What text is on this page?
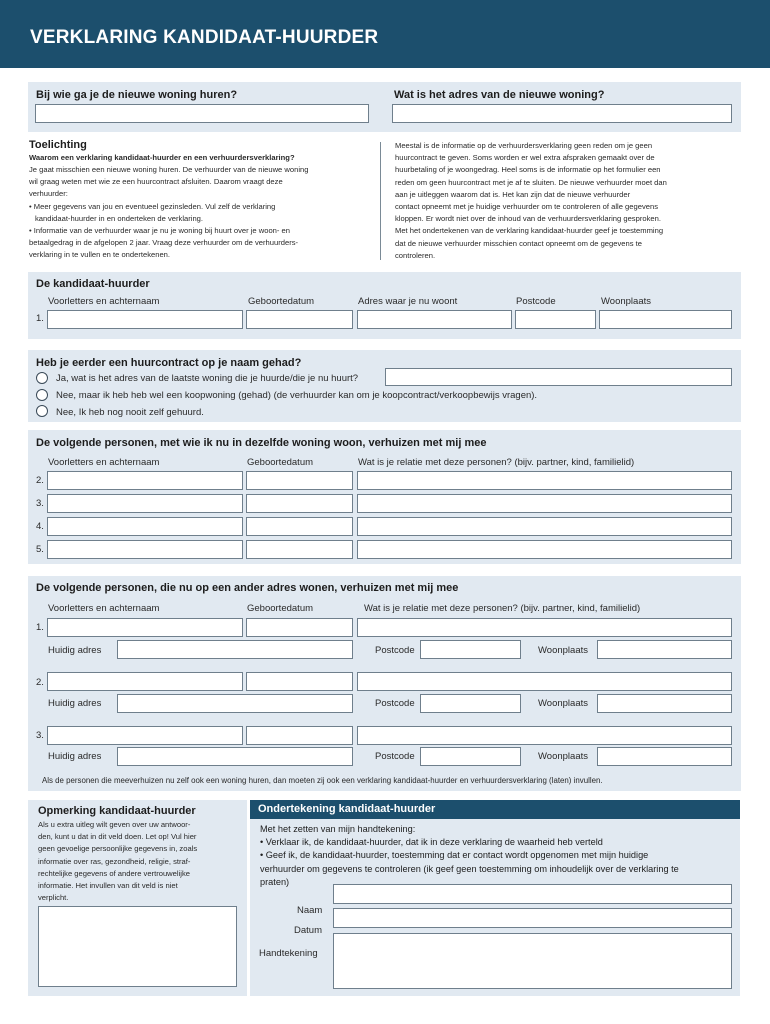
VERKLARING KANDIDAAT-HUURDER
Bij wie ga je de nieuwe woning huren?	Wat is het adres van de nieuwe woning?
Toelichting
Waarom een verklaring kandidaat-huurder en een verhuurdersverklaring?
Je gaat misschien een nieuwe woning huren. De verhuurder van de nieuwe woning
wil graag weten met wie ze een huurcontract afsluiten. Daarom vraagt deze
verhuurder:
• Meer gegevens van jou en eventueel gezinsleden. Vul zelf de verklaring
kandidaat-huurder in en onderteken de verklaring.
• Informatie van de verhuurder waar je nu je woning bij huurt over je woon- en
betaalgedrag in de afgelopen 2 jaar. Vraag deze verhuurder om de verhuurders-
verklaring in te vullen en te ondertekenen.
Meestal is de informatie op de verhuurdersverklaring geen reden om je geen
huurcontract te geven. Soms worden er wel extra afspraken gemaakt over de
huurbetaling of je woongedrag. Heel soms is de informatie op het formulier een
reden om geen huurcontract met je af te sluiten. De nieuwe verhuurder moet dan
aan je uitleggen waarom dat is. Het kan zijn dat de nieuwe verhuurder
contact opneemt met je huidige verhuurder om te controleren of alle gegevens
kloppen. Er wordt niet over de inhoud van de verhuurdersverklaring gesproken.
Met het ondertekenen van de verklaring kandidaat-huurder geef je toestemming
dat de nieuwe verhuurder misschien contact opneemt om de gegevens te
controleren.
De kandidaat-huurder
Voorletters en achternaam	Geboortedatum	Adres waar je nu woont	Postcode	Woonplaats
1.
Heb je eerder een huurcontract op je naam gehad?
Ja, wat is het adres van de laatste woning die je huurde/die je nu huurt?
Nee, maar ik heb heb wel een koopwoning (gehad) (de verhuurder kan om je koopcontract/verkoopbewijs vragen).
Nee, Ik heb nog nooit zelf gehuurd.
De volgende personen, met wie ik nu in dezelfde woning woon, verhuizen met mij mee
Voorletters en achternaam	Geboortedatum	Wat is je relatie met deze personen? (bijv. partner, kind, familielid)
2.
3.
4.
5.
De volgende personen, die nu op een ander adres wonen, verhuizen met mij mee
Voorletters en achternaam	Geboortedatum	Wat is je relatie met deze personen? (bijv. partner, kind, familielid)
1.
Huidig adres	Postcode	Woonplaats
2.
Huidig adres	Postcode	Woonplaats
3.
Huidig adres	Postcode	Woonplaats
Als de personen die meeverhuizen nu zelf ook een woning huren, dan moeten zij ook een verklaring kandidaat-huurder en verhuurdersverklaring (laten) invullen.
Opmerking kandidaat-huurder
Als u extra uitleg wilt geven over uw antwoor-
den, kunt u dat in dit veld doen. Let op! Vul hier
geen gevoelige persoonlijke gegevens in, zoals
informatie over ras, gezondheid, religie, straf-
rechtelijke gegevens of andere vertrouwelijke
informatie. Het invullen van dit veld is niet
verplicht.
Ondertekening kandidaat-huurder
Met het zetten van mijn handtekening:
• Verklaar ik, de kandidaat-huurder, dat ik in deze verklaring de waarheid heb verteld
• Geef ik, de kandidaat-huurder, toestemming dat er contact wordt opgenomen met mijn huidige
verhuurder om gegevens te controleren (ik geef geen toestemming om inhoudelijk over de verklaring te
praten)
Naam
Datum
Handtekening
